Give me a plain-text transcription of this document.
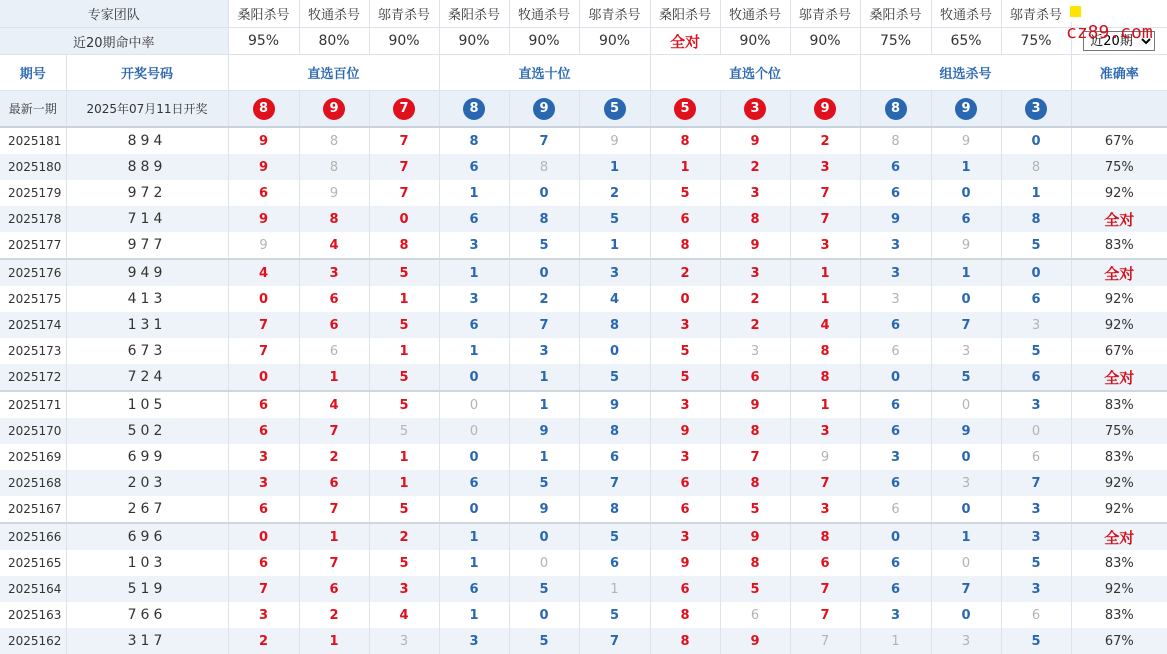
专家团队		桑阳杀号	牧通杀号	邬青杀号	桑阳杀号	牧通杀号	邬青杀号	桑阳杀号	牧通杀号	邬青杀号	桑阳杀号	牧通杀号	邬青杀号	
近20期命中率		95%	80%	90%	90%	90%	90%	全对	90%	90%	75%	65%	75%	
近20期
期号	开奖号码	直选百位			直选十位			直选个位			组选杀号			准确率
最新一期	2025年07月11日开奖	8	9	7	8	9	5	5	3	9	8	9	3	
2025181	894	9	8	7	8	7	9	8	9	2	8	9	0	67%
2025180	889	9	8	7	6	8	1	1	2	3	6	1	8	75%
2025179	972	6	9	7	1	0	2	5	3	7	6	0	1	92%
2025178	714	9	8	0	6	8	5	6	8	7	9	6	8	全对
2025177	977	9	4	8	3	5	1	8	9	3	3	9	5	83%
2025176	949	4	3	5	1	0	3	2	3	1	3	1	0	全对
2025175	413	0	6	1	3	2	4	0	2	1	3	0	6	92%
2025174	131	7	6	5	6	7	8	3	2	4	6	7	3	92%
2025173	673	7	6	1	1	3	0	5	3	8	6	3	5	67%
2025172	724	0	1	5	0	1	5	5	6	8	0	5	6	全对
2025171	105	6	4	5	0	1	9	3	9	1	6	0	3	83%
2025170	502	6	7	5	0	9	8	9	8	3	6	9	0	75%
2025169	699	3	2	1	0	1	6	3	7	9	3	0	6	83%
2025168	203	3	6	1	6	5	7	6	8	7	6	3	7	92%
2025167	267	6	7	5	0	9	8	6	5	3	6	0	3	92%
2025166	696	0	1	2	1	0	5	3	9	8	0	1	3	全对
2025165	103	6	7	5	1	0	6	9	8	6	6	0	5	83%
2025164	519	7	6	3	6	5	1	6	5	7	6	7	3	92%
2025163	766	3	2	4	1	0	5	8	6	7	3	0	6	83%
2025162	317	2	1	3	3	5	7	8	9	7	1	3	5	67%
cz89.com
